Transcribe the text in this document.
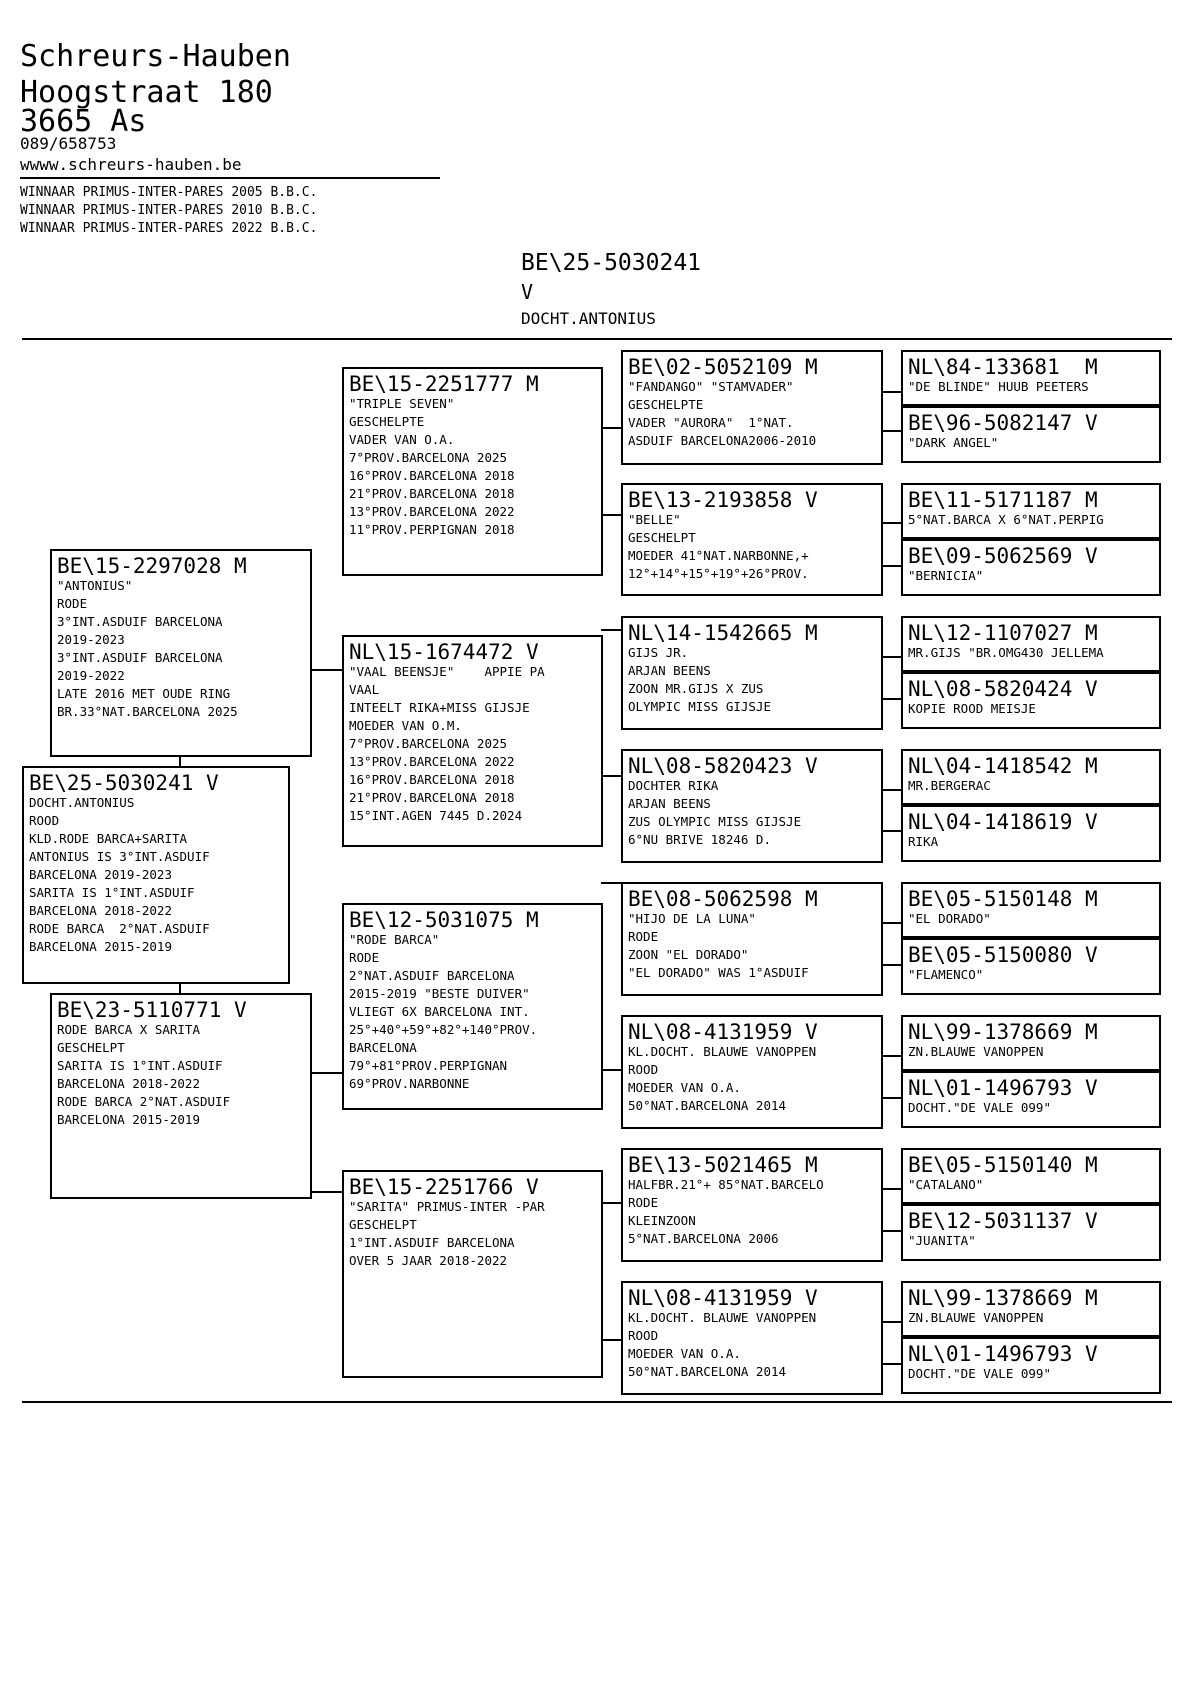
Schreurs-Hauben
Hoogstraat 180
3665 As
089/658753
wwww.schreurs-hauben.be
WINNAAR PRIMUS-INTER-PARES 2005 B.B.C.
WINNAAR PRIMUS-INTER-PARES 2010 B.B.C.
WINNAAR PRIMUS-INTER-PARES 2022 B.B.C.
BE\25-5030241
V
DOCHT.ANTONIUS
BE\15-2297028 M
"ANTONIUS"
RODE
3°INT.ASDUIF BARCELONA
2019-2023
3°INT.ASDUIF BARCELONA
2019-2022
LATE 2016 MET OUDE RING
BR.33°NAT.BARCELONA 2025
BE\25-5030241 V
DOCHT.ANTONIUS
ROOD
KLD.RODE BARCA+SARITA
ANTONIUS IS 3°INT.ASDUIF
BARCELONA 2019-2023
SARITA IS 1°INT.ASDUIF
BARCELONA 2018-2022
RODE BARCA  2°NAT.ASDUIF
BARCELONA 2015-2019
BE\23-5110771 V
RODE BARCA X SARITA
GESCHELPT
SARITA IS 1°INT.ASDUIF
BARCELONA 2018-2022
RODE BARCA 2°NAT.ASDUIF
BARCELONA 2015-2019
BE\15-2251777 M
"TRIPLE SEVEN"
GESCHELPTE
VADER VAN O.A.
7°PROV.BARCELONA 2025
16°PROV.BARCELONA 2018
21°PROV.BARCELONA 2018
13°PROV.BARCELONA 2022
11°PROV.PERPIGNAN 2018
NL\15-1674472 V
"VAAL BEENSJE"    APPIE PA
VAAL
INTEELT RIKA+MISS GIJSJE
MOEDER VAN O.M.
7°PROV.BARCELONA 2025
13°PROV.BARCELONA 2022
16°PROV.BARCELONA 2018
21°PROV.BARCELONA 2018
15°INT.AGEN 7445 D.2024
BE\12-5031075 M
"RODE BARCA"
RODE
2°NAT.ASDUIF BARCELONA
2015-2019 "BESTE DUIVER"
VLIEGT 6X BARCELONA INT.
25°+40°+59°+82°+140°PROV.
BARCELONA
79°+81°PROV.PERPIGNAN
69°PROV.NARBONNE
BE\15-2251766 V
"SARITA" PRIMUS-INTER -PAR
GESCHELPT
1°INT.ASDUIF BARCELONA
OVER 5 JAAR 2018-2022
BE\02-5052109 M
"FANDANGO" "STAMVADER"
GESCHELPTE
VADER "AURORA"  1°NAT.
ASDUIF BARCELONA2006-2010
BE\13-2193858 V
"BELLE"
GESCHELPT
MOEDER 41°NAT.NARBONNE,+
12°+14°+15°+19°+26°PROV.
NL\14-1542665 M
GIJS JR.
ARJAN BEENS
ZOON MR.GIJS X ZUS
OLYMPIC MISS GIJSJE
NL\08-5820423 V
DOCHTER RIKA
ARJAN BEENS
ZUS OLYMPIC MISS GIJSJE
6°NU BRIVE 18246 D.
BE\08-5062598 M
"HIJO DE LA LUNA"
RODE
ZOON "EL DORADO"
"EL DORADO" WAS 1°ASDUIF
NL\08-4131959 V
KL.DOCHT. BLAUWE VANOPPEN
ROOD
MOEDER VAN O.A.
50°NAT.BARCELONA 2014
BE\13-5021465 M
HALFBR.21°+ 85°NAT.BARCELO
RODE
KLEINZOON
5°NAT.BARCELONA 2006
NL\08-4131959 V
KL.DOCHT. BLAUWE VANOPPEN
ROOD
MOEDER VAN O.A.
50°NAT.BARCELONA 2014
NL\84-133681  M
"DE BLINDE" HUUB PEETERS
BE\96-5082147 V
"DARK ANGEL"
BE\11-5171187 M
5°NAT.BARCA X 6°NAT.PERPIG
BE\09-5062569 V
"BERNICIA"
NL\12-1107027 M
MR.GIJS "BR.OMG430 JELLEMA
NL\08-5820424 V
KOPIE ROOD MEISJE
NL\04-1418542 M
MR.BERGERAC
NL\04-1418619 V
RIKA
BE\05-5150148 M
"EL DORADO"
BE\05-5150080 V
"FLAMENCO"
NL\99-1378669 M
ZN.BLAUWE VANOPPEN
NL\01-1496793 V
DOCHT."DE VALE 099"
BE\05-5150140 M
"CATALANO"
BE\12-5031137 V
"JUANITA"
NL\99-1378669 M
ZN.BLAUWE VANOPPEN
NL\01-1496793 V
DOCHT."DE VALE 099"
